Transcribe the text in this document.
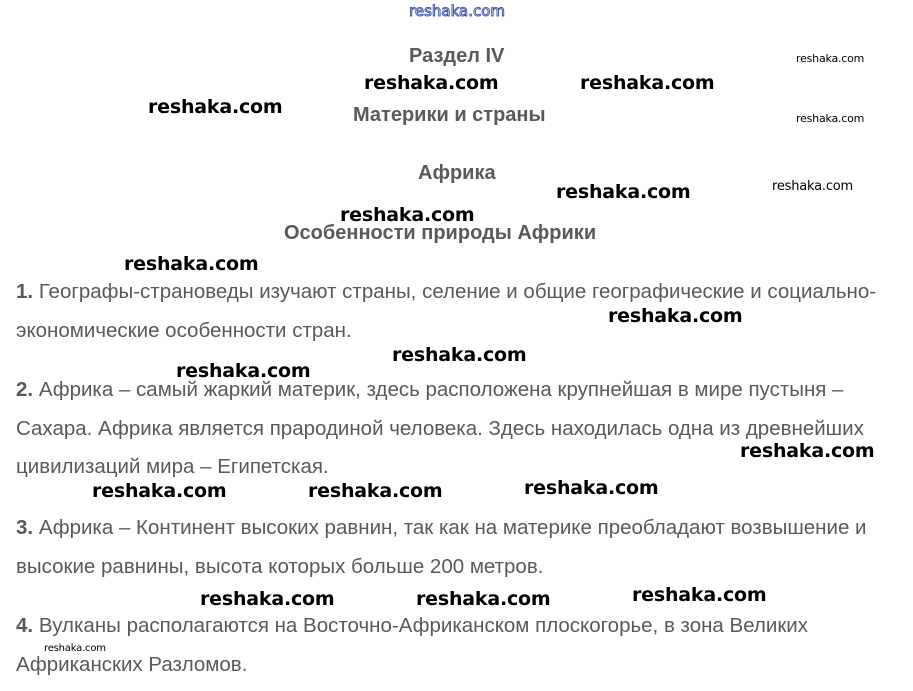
reshaka.com
Раздел IV
Материки и страны
Африка
Особенности природы Африки
1. Географы-страноведы изучают страны, селение и общие географические и социально-экономические особенности стран.
2. Африка – самый жаркий материк, здесь расположена крупнейшая в мире пустыня – Сахара. Африка является прародиной человека. Здесь находилась одна из древнейших цивилизаций мира – Египетская.
3. Африка – Континент высоких равнин, так как на материке преобладают возвышение и высокие равнины, высота которых больше 200 метров.
4. Вулканы располагаются на Восточно-Африканском плоскогорье, в зона Великих Африканских Разломов.
reshaka.com	reshaka.com
reshaka.com
reshaka.com
reshaka.com
reshaka.com
reshaka.com
reshaka.com
reshaka.com
reshaka.com
reshaka.com	reshaka.com	reshaka.com
reshaka.com	reshaka.com	reshaka.com
reshaka.com
reshaka.com
reshaka.com
reshaka.com
